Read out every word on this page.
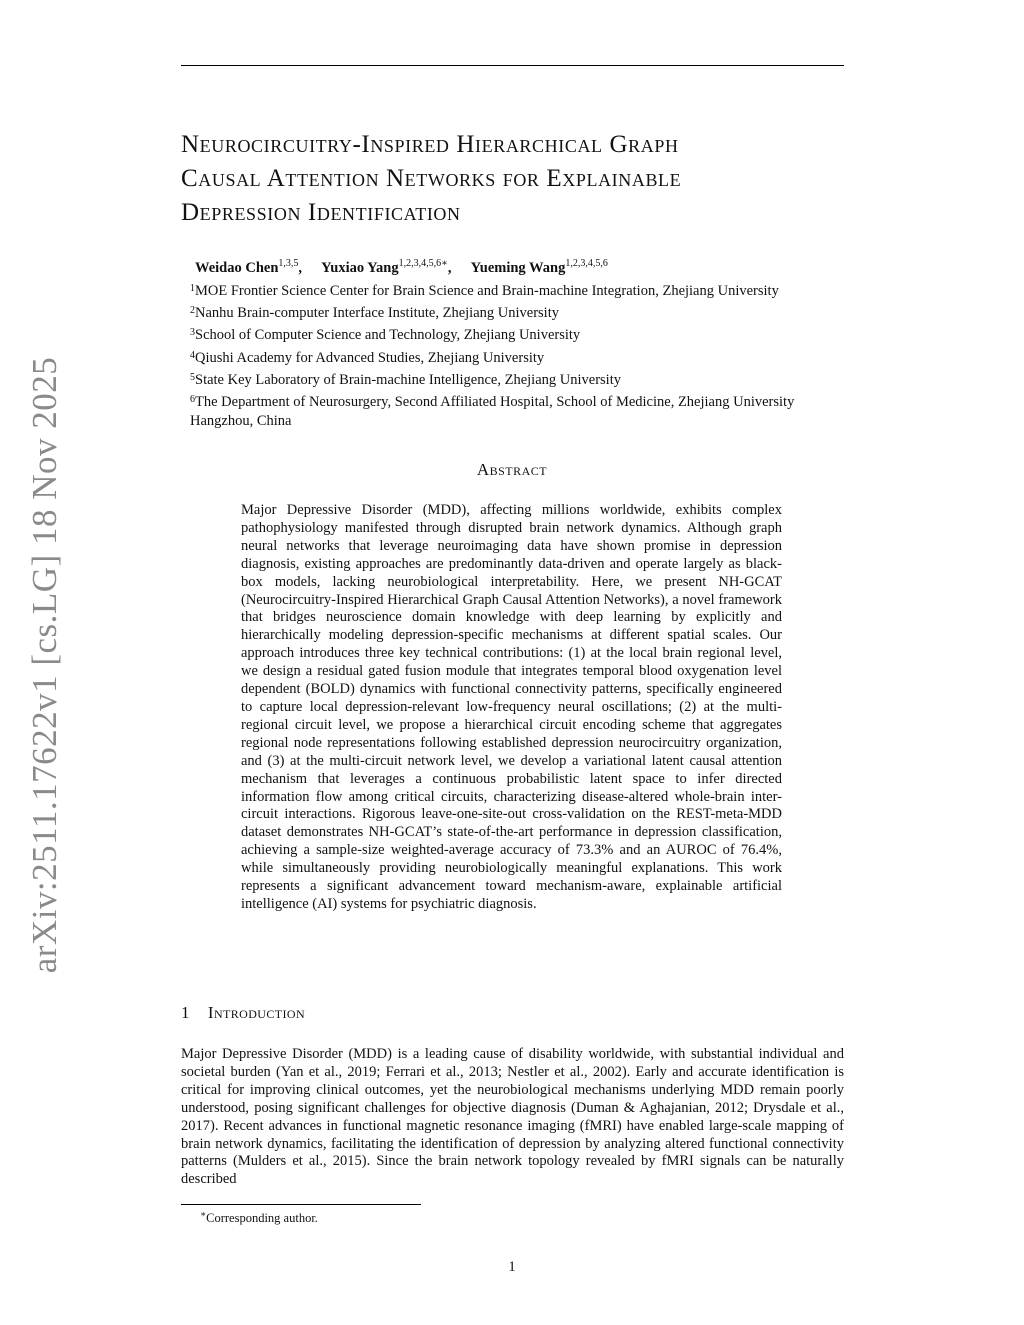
arXiv:2511.17622v1 [cs.LG] 18 Nov 2025
Neurocircuitry-Inspired Hierarchical Graph
Causal Attention Networks for Explainable
Depression Identification
Weidao Chen$^{1,3,5}$, Yuxiao Yang$^{1,2,3,4,5,6∗}$, Yueming Wang$^{1,2,3,4,5,6}$
$^1$MOE Frontier Science Center for Brain Science and Brain-machine Integration, Zhejiang University
$^2$Nanhu Brain-computer Interface Institute, Zhejiang University
$^3$School of Computer Science and Technology, Zhejiang University
$^4$Qiushi Academy for Advanced Studies, Zhejiang University
$^5$State Key Laboratory of Brain-machine Intelligence, Zhejiang University
$^6$The Department of Neurosurgery, Second Affiliated Hospital, School of Medicine, Zhejiang University
Hangzhou, China
Abstract
Major Depressive Disorder (MDD), affecting millions worldwide, exhibits complex pathophysiology manifested through disrupted brain network dynamics. Although graph neural networks that leverage neuroimaging data have shown promise in depression diagnosis, existing approaches are predominantly data-driven and operate largely as black-box models, lacking neurobiological interpretability. Here, we present NH-GCAT (Neurocircuitry-Inspired Hierarchical Graph Causal Attention Networks), a novel framework that bridges neuroscience domain knowledge with deep learning by explicitly and hierarchically modeling depression-specific mechanisms at different spatial scales. Our approach introduces three key technical contributions: (1) at the local brain regional level, we design a residual gated fusion module that integrates temporal blood oxygenation level dependent (BOLD) dynamics with functional connectivity patterns, specifically engineered to capture local depression-relevant low-frequency neural oscillations; (2) at the multi-regional circuit level, we propose a hierarchical circuit encoding scheme that aggregates regional node representations following established depression neurocircuitry organization, and (3) at the multi-circuit network level, we develop a variational latent causal attention mechanism that leverages a continuous probabilistic latent space to infer directed information flow among critical circuits, characterizing disease-altered whole-brain inter-circuit interactions. Rigorous leave-one-site-out cross-validation on the REST-meta-MDD dataset demonstrates NH-GCAT’s state-of-the-art performance in depression classification, achieving a sample-size weighted-average accuracy of 73.3% and an AUROC of 76.4%, while simultaneously providing neurobiologically meaningful explanations. This work represents a significant advancement toward mechanism-aware, explainable artificial intelligence (AI) systems for psychiatric diagnosis.
1 Introduction
Major Depressive Disorder (MDD) is a leading cause of disability worldwide, with substantial individual and societal burden (Yan et al., 2019; Ferrari et al., 2013; Nestler et al., 2002). Early and accurate identification is critical for improving clinical outcomes, yet the neurobiological mechanisms underlying MDD remain poorly understood, posing significant challenges for objective diagnosis (Duman & Aghajanian, 2012; Drysdale et al., 2017). Recent advances in functional magnetic resonance imaging (fMRI) have enabled large-scale mapping of brain network dynamics, facilitating the identification of depression by analyzing altered functional connectivity patterns (Mulders et al., 2015). Since the brain network topology revealed by fMRI signals can be naturally described
∗Corresponding author.
1
